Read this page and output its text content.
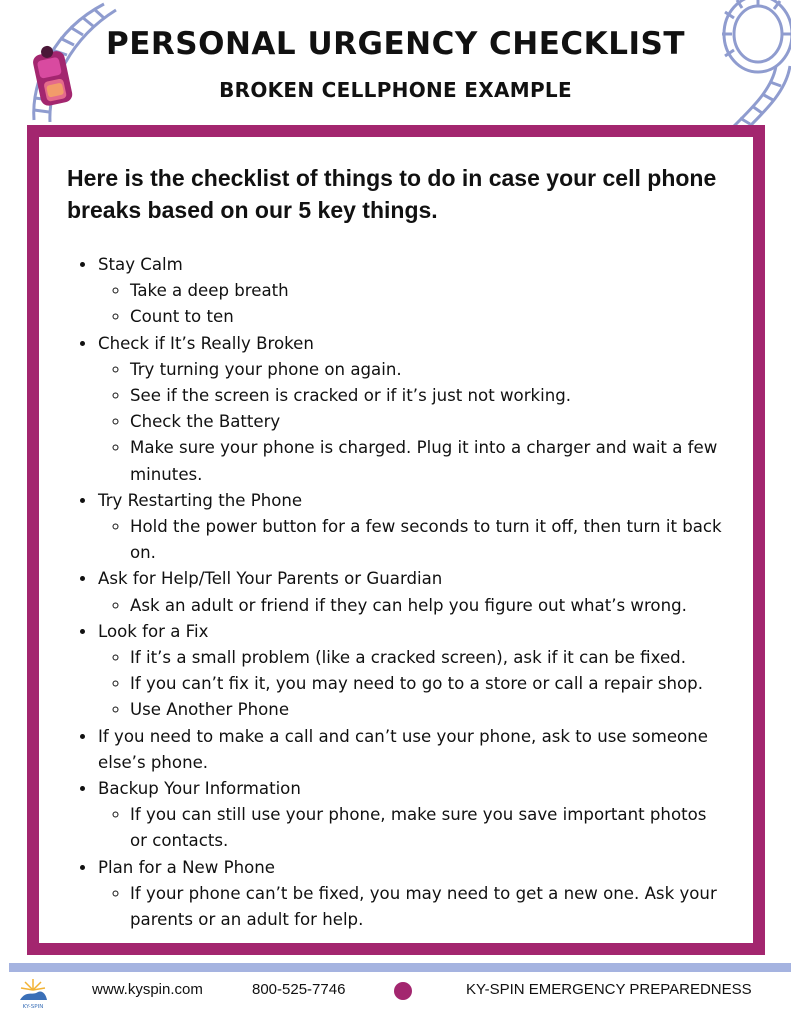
PERSONAL URGENCY CHECKLIST
BROKEN CELLPHONE EXAMPLE

Here is the checklist of things to do in case your cell phone breaks based on our 5 key things.

• Stay Calm
◦ Take a deep breath
◦ Count to ten
• Check if It’s Really Broken
◦ Try turning your phone on again.
◦ See if the screen is cracked or if it’s just not working.
◦ Check the Battery
◦ Make sure your phone is charged. Plug it into a charger and wait a few minutes.
• Try Restarting the Phone
◦ Hold the power button for a few seconds to turn it off, then turn it back on.
• Ask for Help/Tell Your Parents or Guardian
◦ Ask an adult or friend if they can help you figure out what’s wrong.
• Look for a Fix
◦ If it’s a small problem (like a cracked screen), ask if it can be fixed.
◦ If you can’t fix it, you may need to go to a store or call a repair shop.
◦ Use Another Phone
• If you need to make a call and can’t use your phone, ask to use someone else’s phone.
• Backup Your Information
◦ If you can still use your phone, make sure you save important photos or contacts.
• Plan for a New Phone
◦ If your phone can’t be fixed, you may need to get a new one. Ask your parents or an adult for help.
KY-SPIN
www.kyspin.com	800-525-7746	KY-SPIN EMERGENCY PREPAREDNESS
